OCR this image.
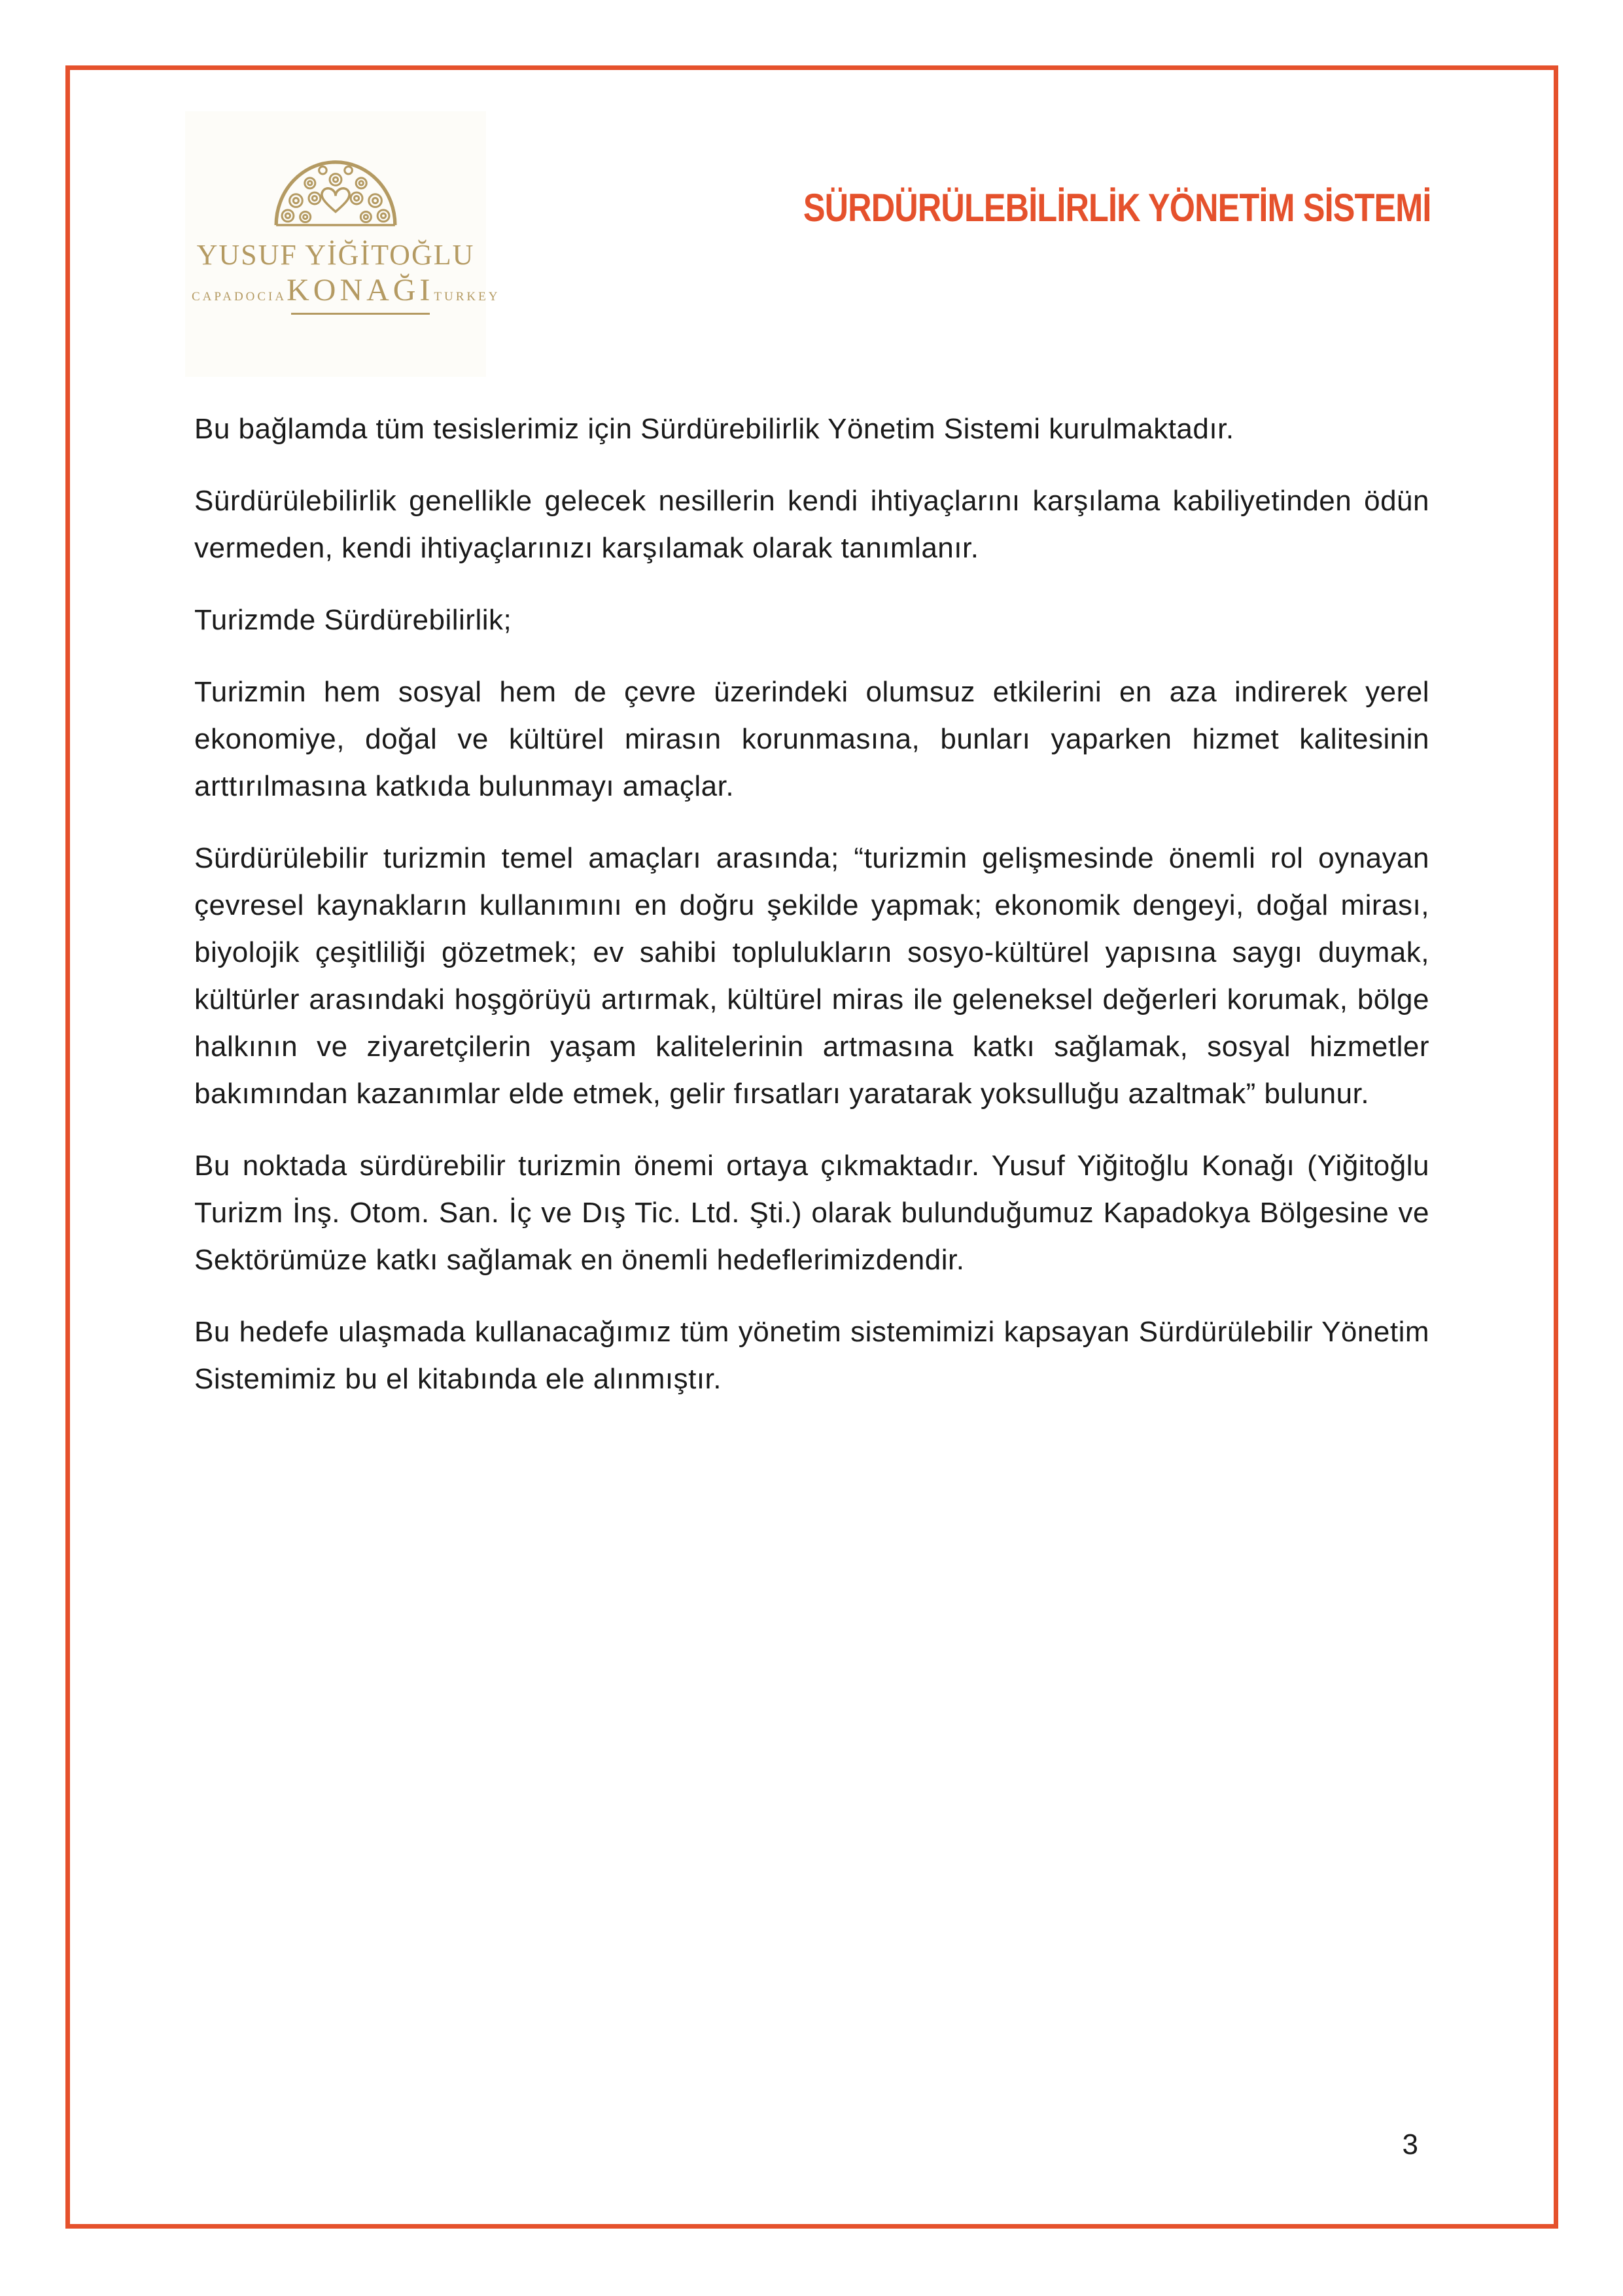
YUSUF YİĞİTOĞLU
CAPADOCIA KONAĞI TURKEY
SÜRDÜRÜLEBİLİRLİK YÖNETİM SİSTEMİ

Bu bağlamda tüm tesislerimiz için Sürdürebilirlik Yönetim Sistemi kurulmaktadır.

Sürdürülebilirlik genellikle gelecek nesillerin kendi ihtiyaçlarını karşılama kabiliyetinden ödün vermeden, kendi ihtiyaçlarınızı karşılamak olarak tanımlanır.

Turizmde Sürdürebilirlik;

Turizmin hem sosyal hem de çevre üzerindeki olumsuz etkilerini en aza indirerek yerel ekonomiye, doğal ve kültürel mirasın korunmasına, bunları yaparken hizmet kalitesinin arttırılmasına katkıda bulunmayı amaçlar.

Sürdürülebilir turizmin temel amaçları arasında; “turizmin gelişmesinde önemli rol oynayan çevresel kaynakların kullanımını en doğru şekilde yapmak; ekonomik dengeyi, doğal mirası, biyolojik çeşitliliği gözetmek; ev sahibi toplulukların sosyo-kültürel yapısına saygı duymak, kültürler arasındaki hoşgörüyü artırmak, kültürel miras ile geleneksel değerleri korumak, bölge halkının ve ziyaretçilerin yaşam kalitelerinin artmasına katkı sağlamak, sosyal hizmetler bakımından kazanımlar elde etmek, gelir fırsatları yaratarak yoksulluğu azaltmak” bulunur.

Bu noktada sürdürebilir turizmin önemi ortaya çıkmaktadır. Yusuf Yiğitoğlu Konağı (Yiğitoğlu Turizm İnş. Otom. San. İç ve Dış Tic. Ltd. Şti.) olarak bulunduğumuz Kapadokya Bölgesine ve Sektörümüze katkı sağlamak en önemli hedeflerimizdendir.

Bu hedefe ulaşmada kullanacağımız tüm yönetim sistemimizi kapsayan Sürdürülebilir Yönetim Sistemimiz bu el kitabında ele alınmıştır.

3
